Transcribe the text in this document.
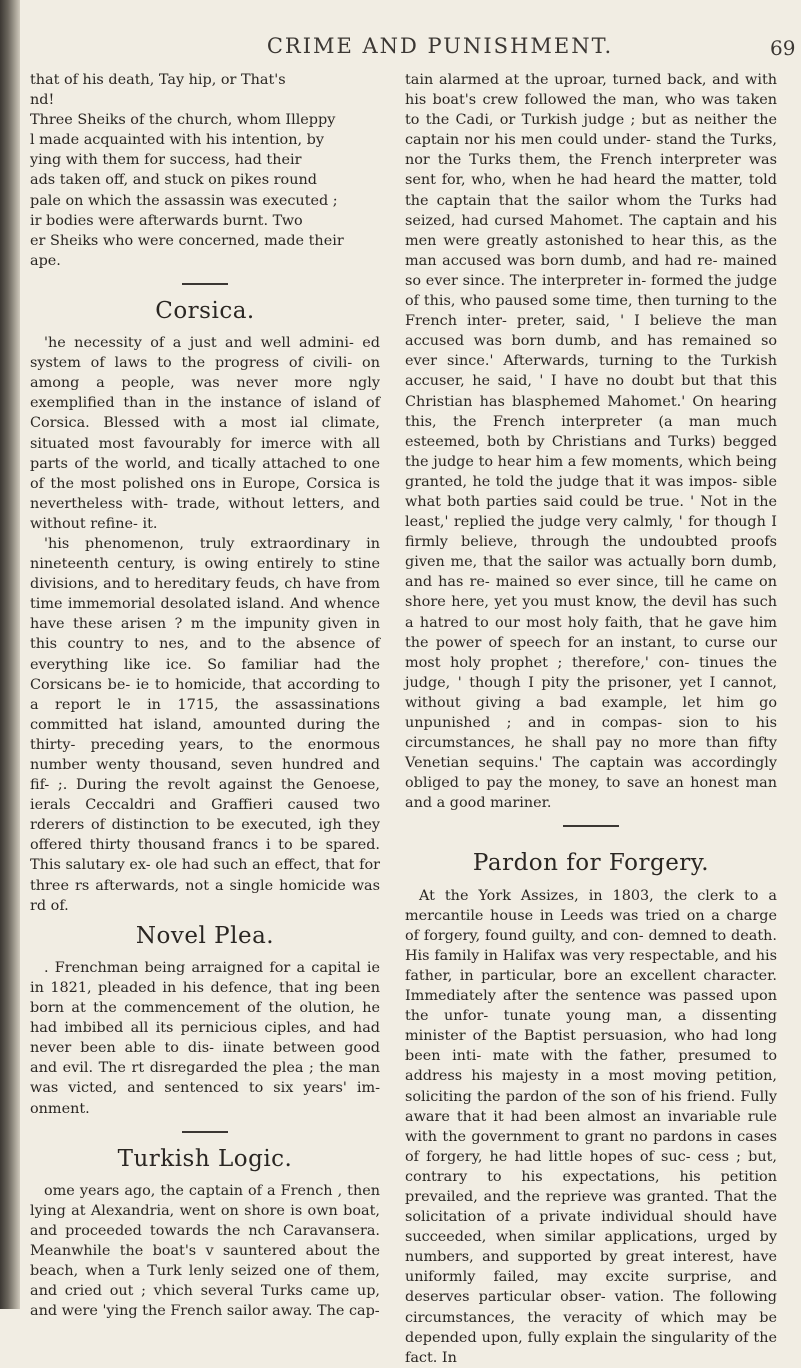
CRIME AND PUNISHMENT.	69

that of his death, Tay hip, or That's

nd!

Three Sheiks of the church, whom Illeppy

l made acquainted with his intention, by

ying with them for success, had their

ads taken off, and stuck on pikes round

pale on which the assassin was executed ;

ir bodies were afterwards burnt. Two

er Sheiks who were concerned, made their

ape.

Corsica.

'he necessity of a just and well admini- ed system of laws to the progress of civili- on among a people, was never more ngly exemplified than in the instance of island of Corsica. Blessed with a most ial climate, situated most favourably for imerce with all parts of the world, and tically attached to one of the most polished ons in Europe, Corsica is nevertheless with- trade, without letters, and without refine- it.

'his phenomenon, truly extraordinary in nineteenth century, is owing entirely to stine divisions, and to hereditary feuds, ch have from time immemorial desolated island. And whence have these arisen ? m the impunity given in this country to nes, and to the absence of everything like ice. So familiar had the Corsicans be- ie to homicide, that according to a report le in 1715, the assassinations committed hat island, amounted during the thirty- preceding years, to the enormous number wenty thousand, seven hundred and fif- ;. During the revolt against the Genoese, ierals Ceccaldri and Graffieri caused two rderers of distinction to be executed, igh they offered thirty thousand francs i to be spared. This salutary ex- ole had such an effect, that for three rs afterwards, not a single homicide was rd of.

Novel Plea.

. Frenchman being arraigned for a capital ie in 1821, pleaded in his defence, that ing been born at the commencement of the olution, he had imbibed all its pernicious ciples, and had never been able to dis- iinate between good and evil. The rt disregarded the plea ; the man was victed, and sentenced to six years' im- onment.

Turkish Logic.

ome years ago, the captain of a French , then lying at Alexandria, went on shore is own boat, and proceeded towards the nch Caravansera. Meanwhile the boat's v sauntered about the beach, when a Turk lenly seized one of them, and cried out ; vhich several Turks came up, and were 'ying the French sailor away. The cap-

tain alarmed at the uproar, turned back, and with his boat's crew followed the man, who was taken to the Cadi, or Turkish judge ; but as neither the captain nor his men could under- stand the Turks, nor the Turks them, the French interpreter was sent for, who, when he had heard the matter, told the captain that the sailor whom the Turks had seized, had cursed Mahomet. The captain and his men were greatly astonished to hear this, as the man accused was born dumb, and had re- mained so ever since. The interpreter in- formed the judge of this, who paused some time, then turning to the French inter- preter, said, ' I believe the man accused was born dumb, and has remained so ever since.' Afterwards, turning to the Turkish accuser, he said, ' I have no doubt but that this Christian has blasphemed Mahomet.' On hearing this, the French interpreter (a man much esteemed, both by Christians and Turks) begged the judge to hear him a few moments, which being granted, he told the judge that it was impos- sible what both parties said could be true. ' Not in the least,' replied the judge very calmly, ' for though I firmly believe, through the undoubted proofs given me, that the sailor was actually born dumb, and has re- mained so ever since, till he came on shore here, yet you must know, the devil has such a hatred to our most holy faith, that he gave him the power of speech for an instant, to curse our most holy prophet ; therefore,' con- tinues the judge, ' though I pity the prisoner, yet I cannot, without giving a bad example, let him go unpunished ; and in compas- sion to his circumstances, he shall pay no more than fifty Venetian sequins.' The captain was accordingly obliged to pay the money, to save an honest man and a good mariner.

Pardon for Forgery.

At the York Assizes, in 1803, the clerk to a mercantile house in Leeds was tried on a charge of forgery, found guilty, and con- demned to death. His family in Halifax was very respectable, and his father, in particular, bore an excellent character. Immediately after the sentence was passed upon the unfor- tunate young man, a dissenting minister of the Baptist persuasion, who had long been inti- mate with the father, presumed to address his majesty in a most moving petition, soliciting the pardon of the son of his friend. Fully aware that it had been almost an invariable rule with the government to grant no pardons in cases of forgery, he had little hopes of suc- cess ; but, contrary to his expectations, his petition prevailed, and the reprieve was granted. That the solicitation of a private individual should have succeeded, when similar applications, urged by numbers, and supported by great interest, have uniformly failed, may excite surprise, and deserves particular obser- vation. The following circumstances, the veracity of which may be depended upon, fully explain the singularity of the fact. In
